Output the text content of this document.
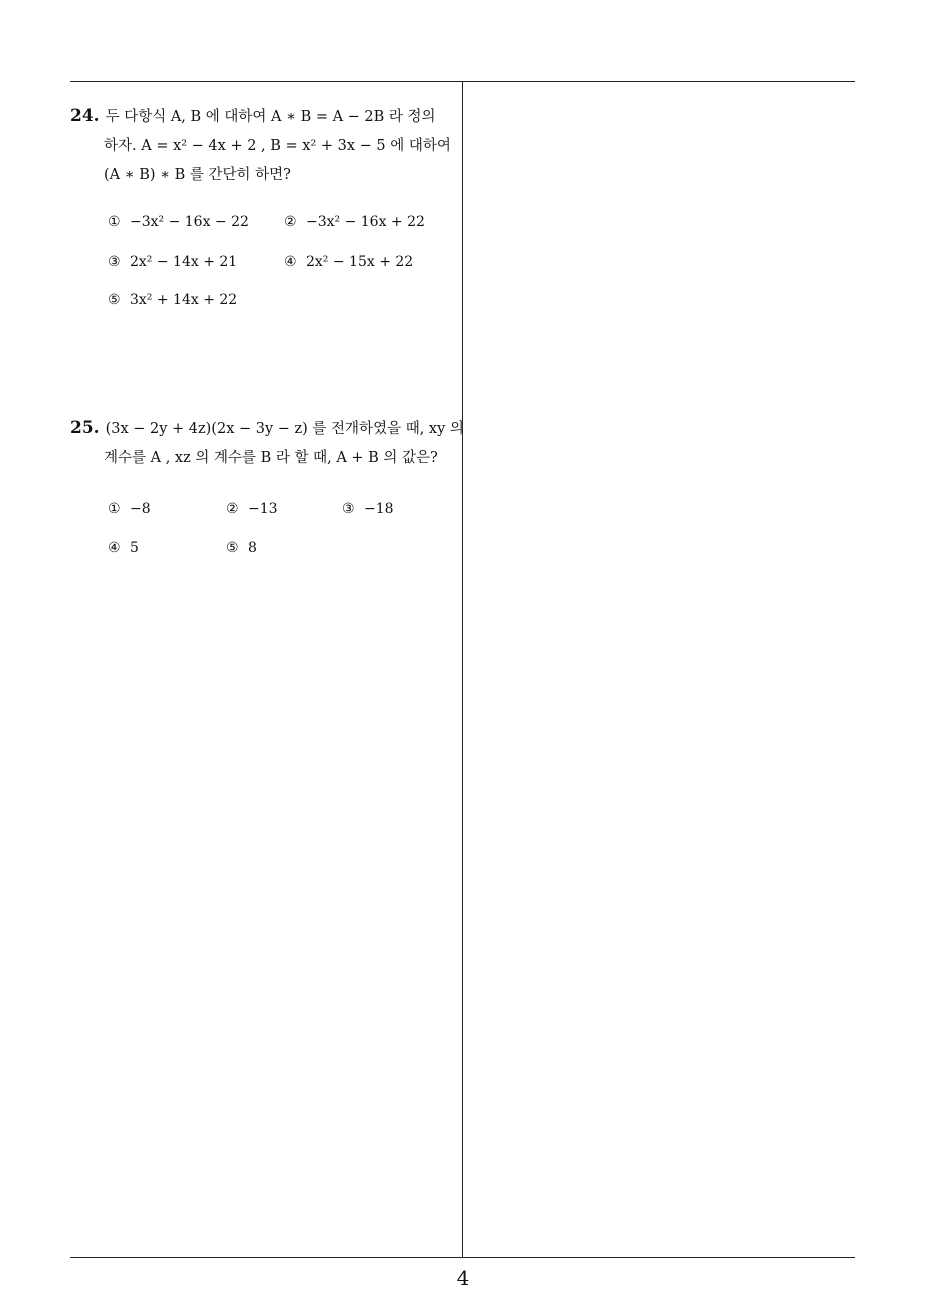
24. 두 다항식 A, B 에 대하여 A ∗ B = A − 2B 라 정의
하자. A = x² − 4x + 2 , B = x² + 3x − 5 에 대하여
(A ∗ B) ∗ B 를 간단히 하면?
① −3x² − 16x − 22	② −3x² − 16x + 22
③ 2x² − 14x + 21	④ 2x² − 15x + 22
⑤ 3x² + 14x + 22
25. (3x − 2y + 4z)(2x − 3y − z) 를 전개하였을 때, xy 의
계수를 A , xz 의 계수를 B 라 할 때, A + B 의 값은?
① −8	② −13	③ −18
④ 5	⑤ 8
4
